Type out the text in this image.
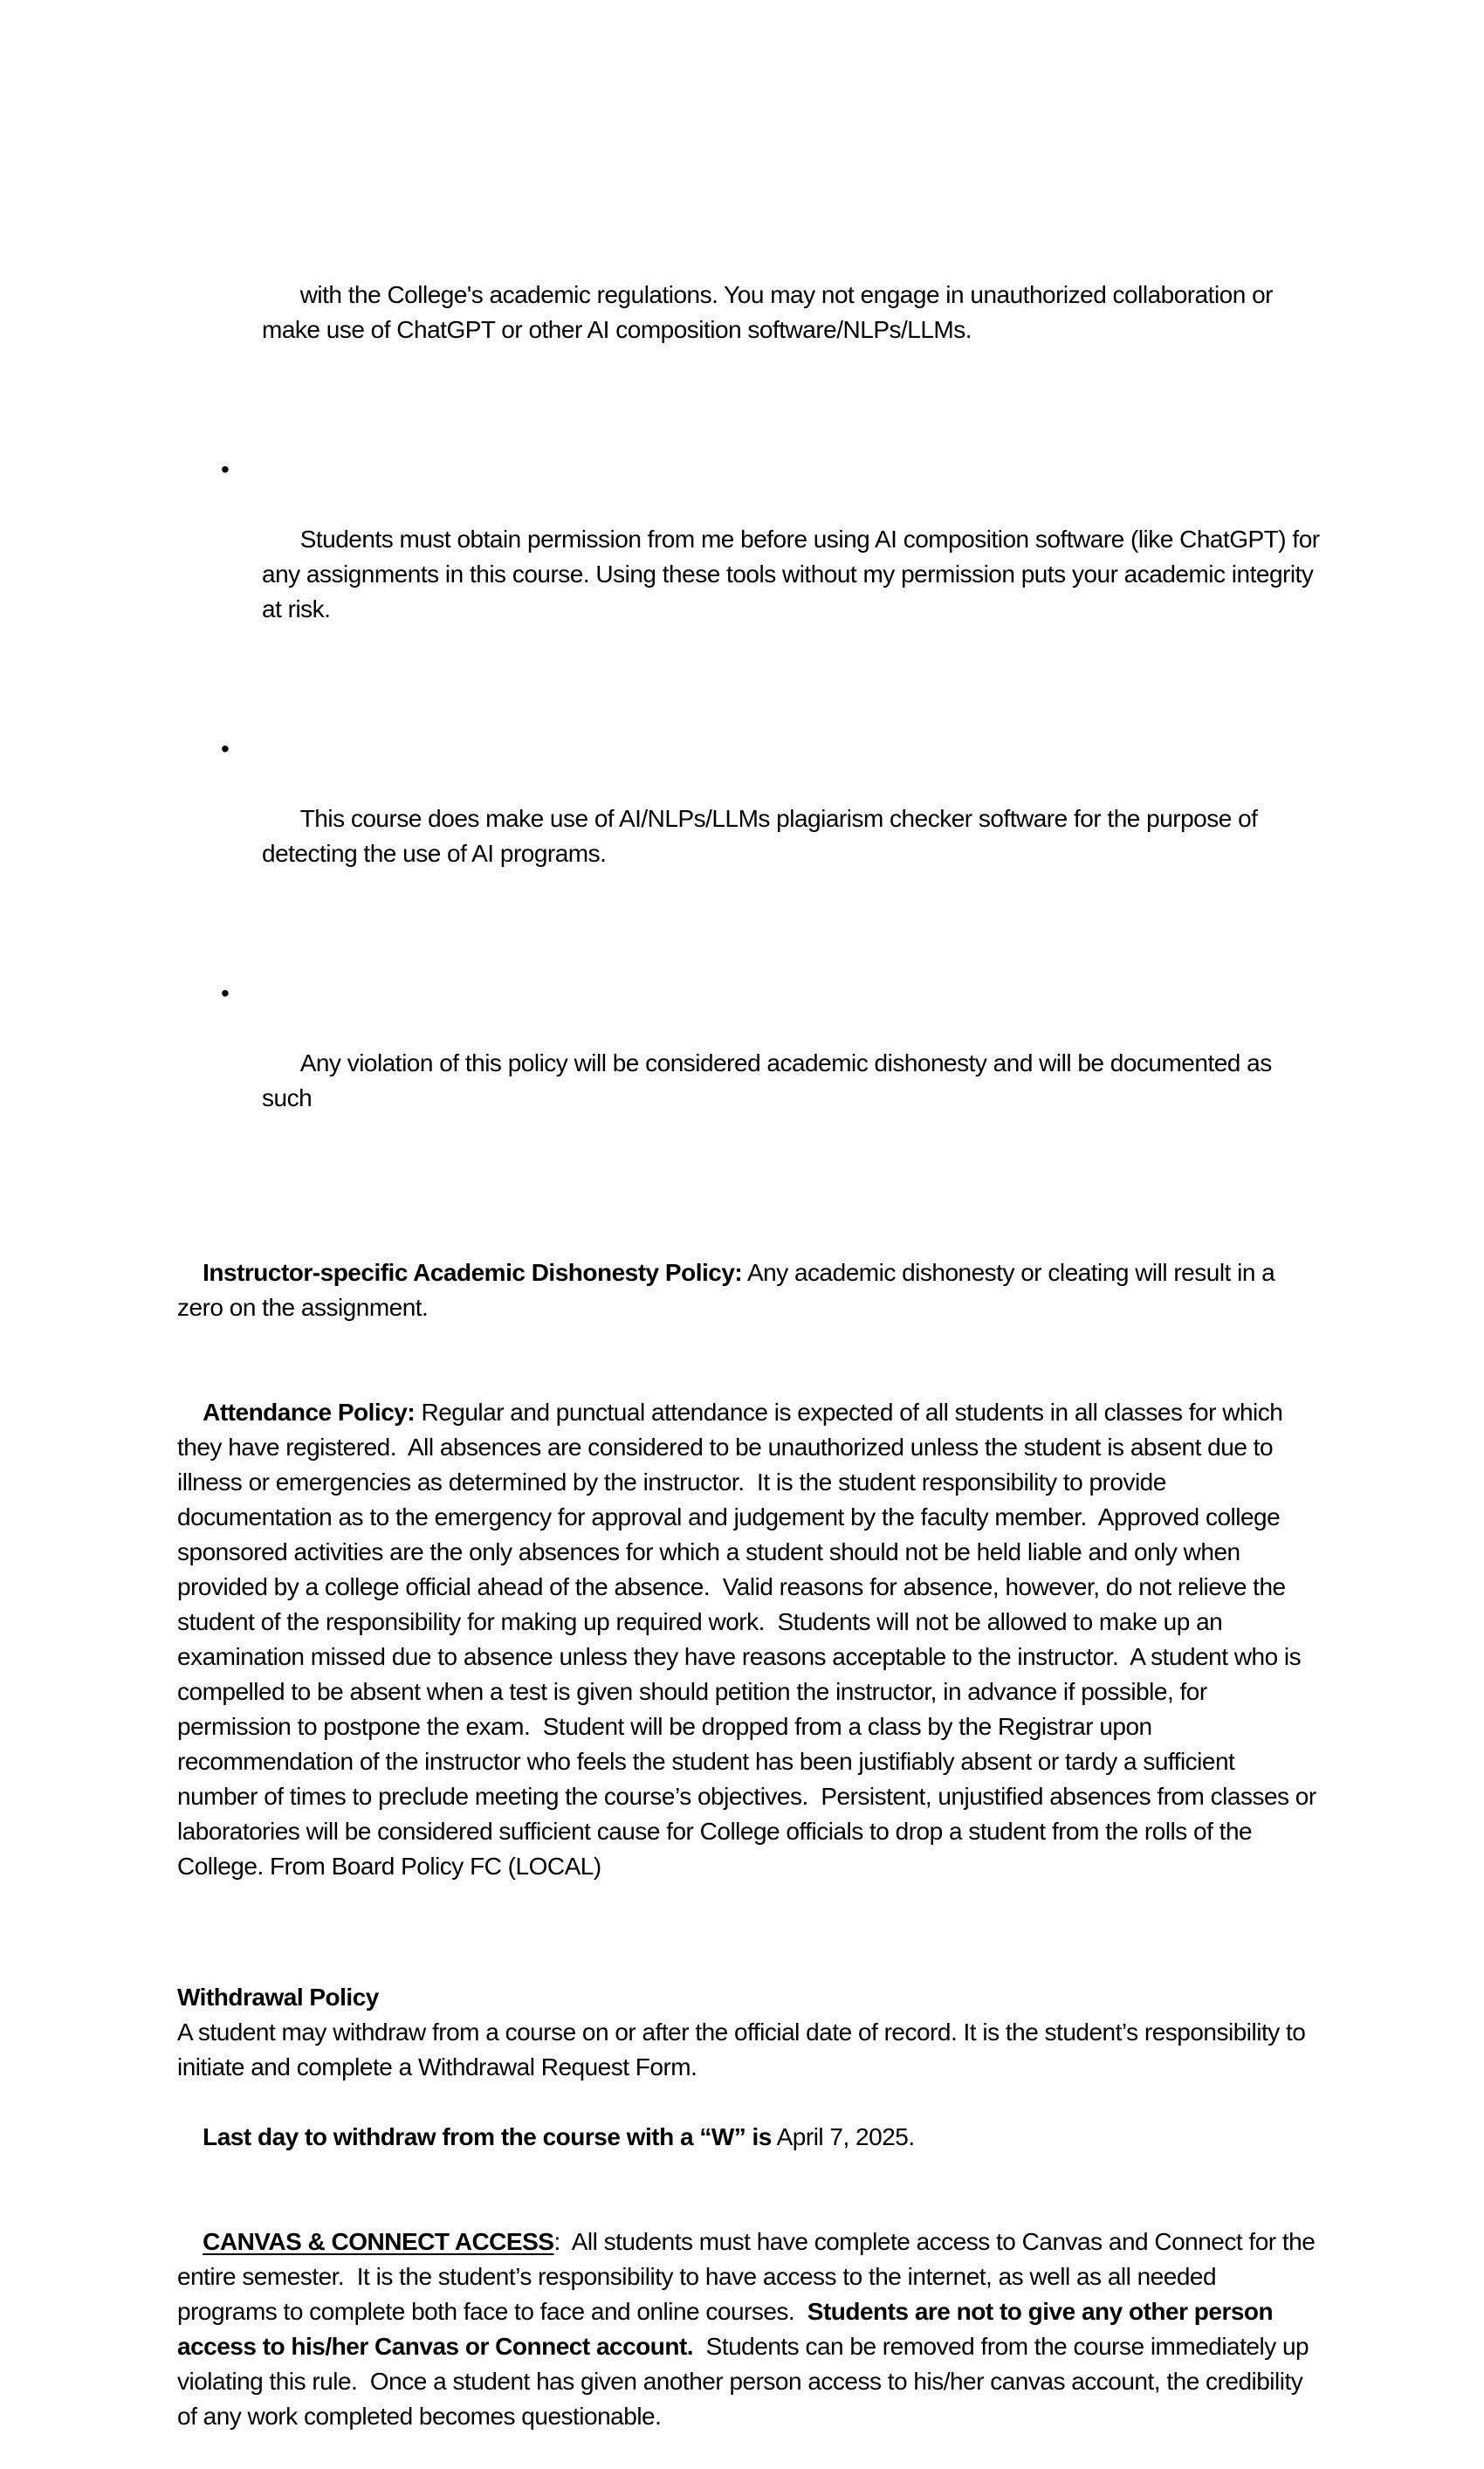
with the College's academic regulations. You may not engage in unauthorized collaboration or make use of ChatGPT or other AI composition software/NLPs/LLMs.

•

Students must obtain permission from me before using AI composition software (like ChatGPT) for any assignments in this course. Using these tools without my permission puts your academic integrity at risk.

•

This course does make use of AI/NLPs/LLMs plagiarism checker software for the purpose of detecting the use of AI programs.

•

Any violation of this policy will be considered academic dishonesty and will be documented as such

Instructor-specific Academic Dishonesty Policy: Any academic dishonesty or cleating will result in a zero on the assignment.

Attendance Policy: Regular and punctual attendance is expected of all students in all classes for which they have registered.  All absences are considered to be unauthorized unless the student is absent due to illness or emergencies as determined by the instructor.  It is the student responsibility to provide documentation as to the emergency for approval and judgement by the faculty member.  Approved college sponsored activities are the only absences for which a student should not be held liable and only when provided by a college official ahead of the absence.  Valid reasons for absence, however, do not relieve the student of the responsibility for making up required work.  Students will not be allowed to make up an examination missed due to absence unless they have reasons acceptable to the instructor.  A student who is compelled to be absent when a test is given should petition the instructor, in advance if possible, for permission to postpone the exam.  Student will be dropped from a class by the Registrar upon recommendation of the instructor who feels the student has been justifiably absent or tardy a sufficient number of times to preclude meeting the course’s objectives.  Persistent, unjustified absences from classes or laboratories will be considered sufficient cause for College officials to drop a student from the rolls of the College. From Board Policy FC (LOCAL)

Withdrawal Policy

A student may withdraw from a course on or after the official date of record. It is the student’s responsibility to initiate and complete a Withdrawal Request Form.

Last day to withdraw from the course with a “W” is April 7, 2025.

CANVAS & CONNECT ACCESS:  All students must have complete access to Canvas and Connect for the entire semester.  It is the student’s responsibility to have access to the internet, as well as all needed programs to complete both face to face and online courses.  Students are not to give any other person access to his/her Canvas or Connect account.  Students can be removed from the course immediately up violating this rule.  Once a student has given another person access to his/her canvas account, the credibility of any work completed becomes questionable.
